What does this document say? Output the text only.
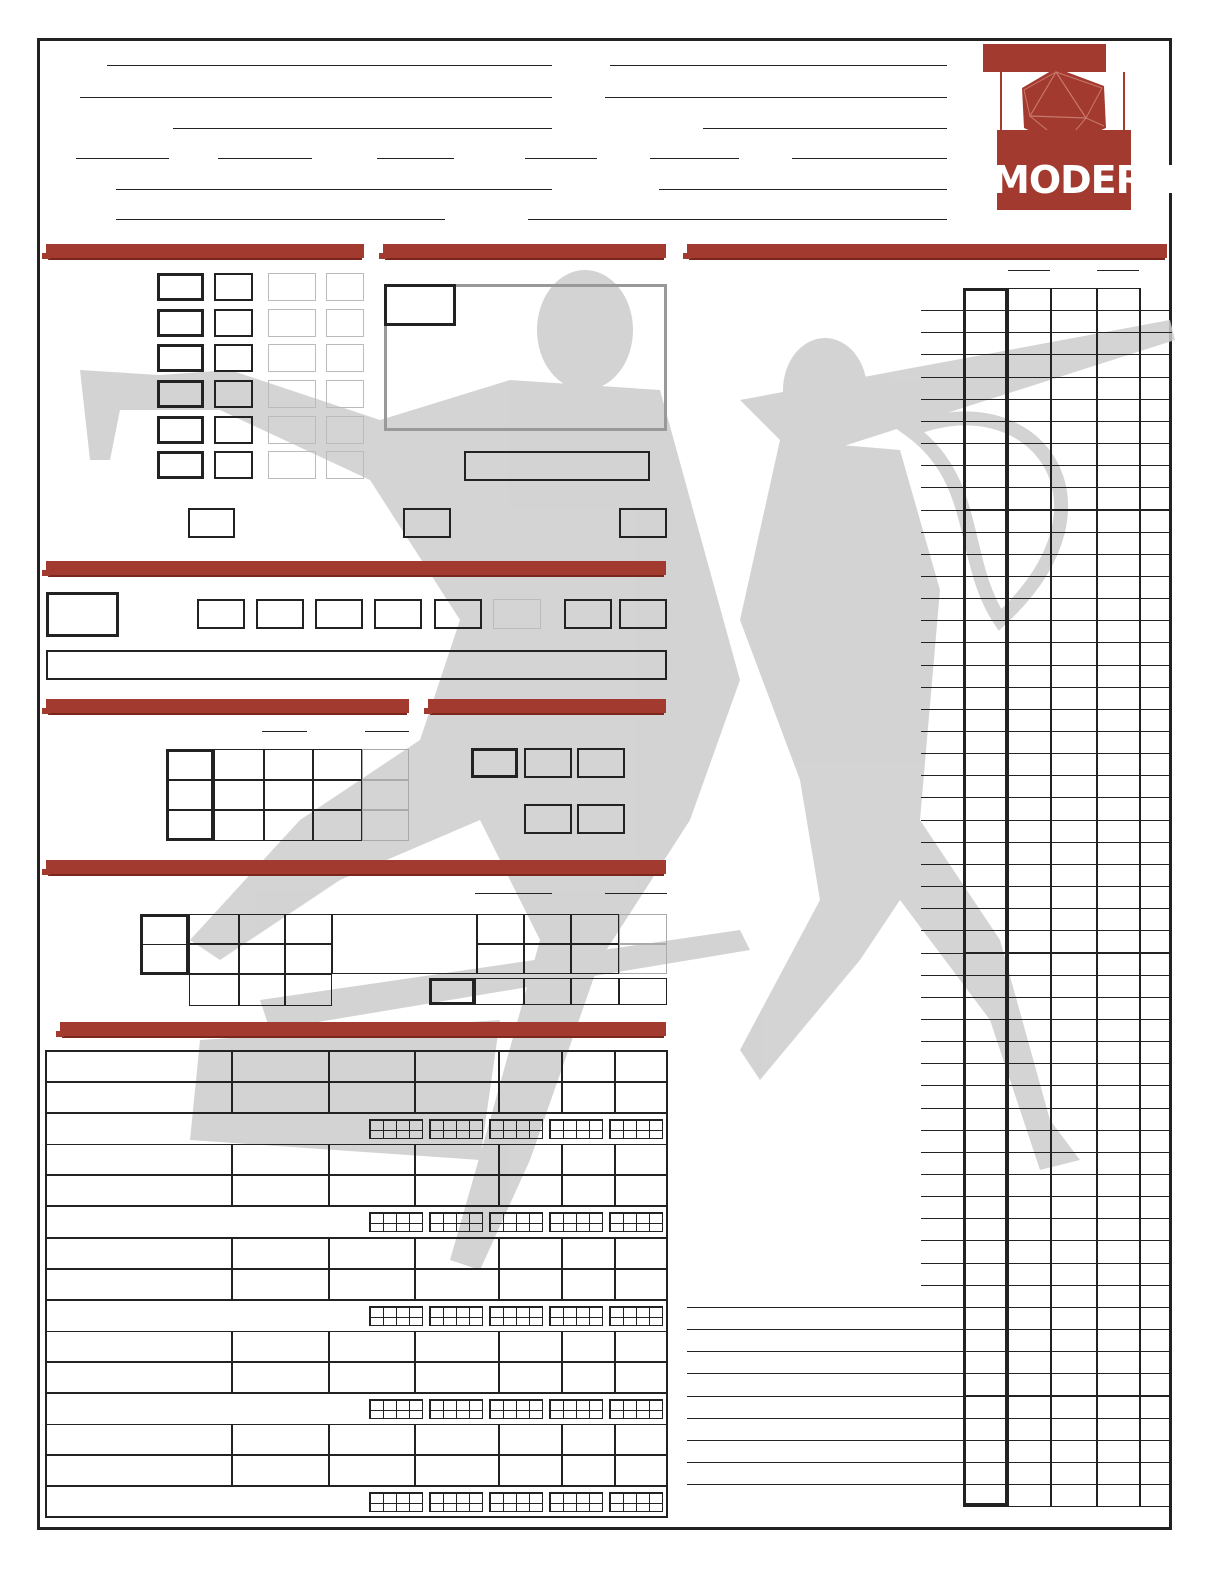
MODERN
